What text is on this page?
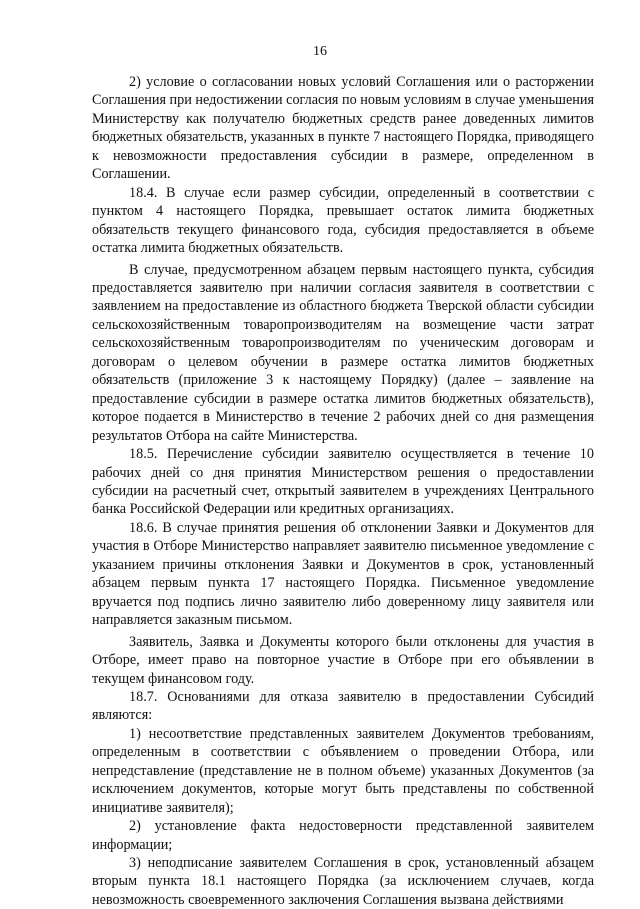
16

2) условие о согласовании новых условий Соглашения или о расторжении Соглашения при недостижении согласия по новым условиям в случае уменьшения Министерству как получателю бюджетных средств ранее доведенных лимитов бюджетных обязательств, указанных в пункте 7 настоящего Порядка, приводящего к невозможности предоставления субсидии в размере, определенном в Соглашении.

18.4. В случае если размер субсидии, определенный в соответствии с пунктом 4 настоящего Порядка, превышает остаток лимита бюджетных обязательств текущего финансового года, субсидия предоставляется в объеме остатка лимита бюджетных обязательств.

В случае, предусмотренном абзацем первым настоящего пункта, субсидия предоставляется заявителю при наличии согласия заявителя в соответствии с заявлением на предоставление из областного бюджета Тверской области субсидии сельскохозяйственным товаропроизводителям на возмещение части затрат сельскохозяйственным товаропроизводителям по ученическим договорам и договорам о целевом обучении в размере остатка лимитов бюджетных обязательств (приложение 3 к настоящему Порядку) (далее – заявление на предоставление субсидии в размере остатка лимитов бюджетных обязательств), которое подается в Министерство в течение 2 рабочих дней со дня размещения результатов Отбора на сайте Министерства.

18.5. Перечисление субсидии заявителю осуществляется в течение 10 рабочих дней со дня принятия Министерством решения о предоставлении субсидии на расчетный счет, открытый заявителем в учреждениях Центрального банка Российской Федерации или кредитных организациях.

18.6. В случае принятия решения об отклонении Заявки и Документов для участия в Отборе Министерство направляет заявителю письменное уведомление с указанием причины отклонения Заявки и Документов в срок, установленный абзацем первым пункта 17 настоящего Порядка. Письменное уведомление вручается под подпись лично заявителю либо доверенному лицу заявителя или направляется заказным письмом.

Заявитель, Заявка и Документы которого были отклонены для участия в Отборе, имеет право на повторное участие в Отборе при его объявлении в текущем финансовом году.

18.7. Основаниями для отказа заявителю в предоставлении Субсидий являются:

1) несоответствие представленных заявителем Документов требованиям, определенным в соответствии с объявлением о проведении Отбора, или непредставление (представление не в полном объеме) указанных Документов (за исключением документов, которые могут быть представлены по собственной инициативе заявителя);

2) установление факта недостоверности представленной заявителем информации;

3) неподписание заявителем Соглашения в срок, установленный абзацем вторым пункта 18.1 настоящего Порядка (за исключением случаев, когда невозможность своевременного заключения Соглашения вызвана действиями
